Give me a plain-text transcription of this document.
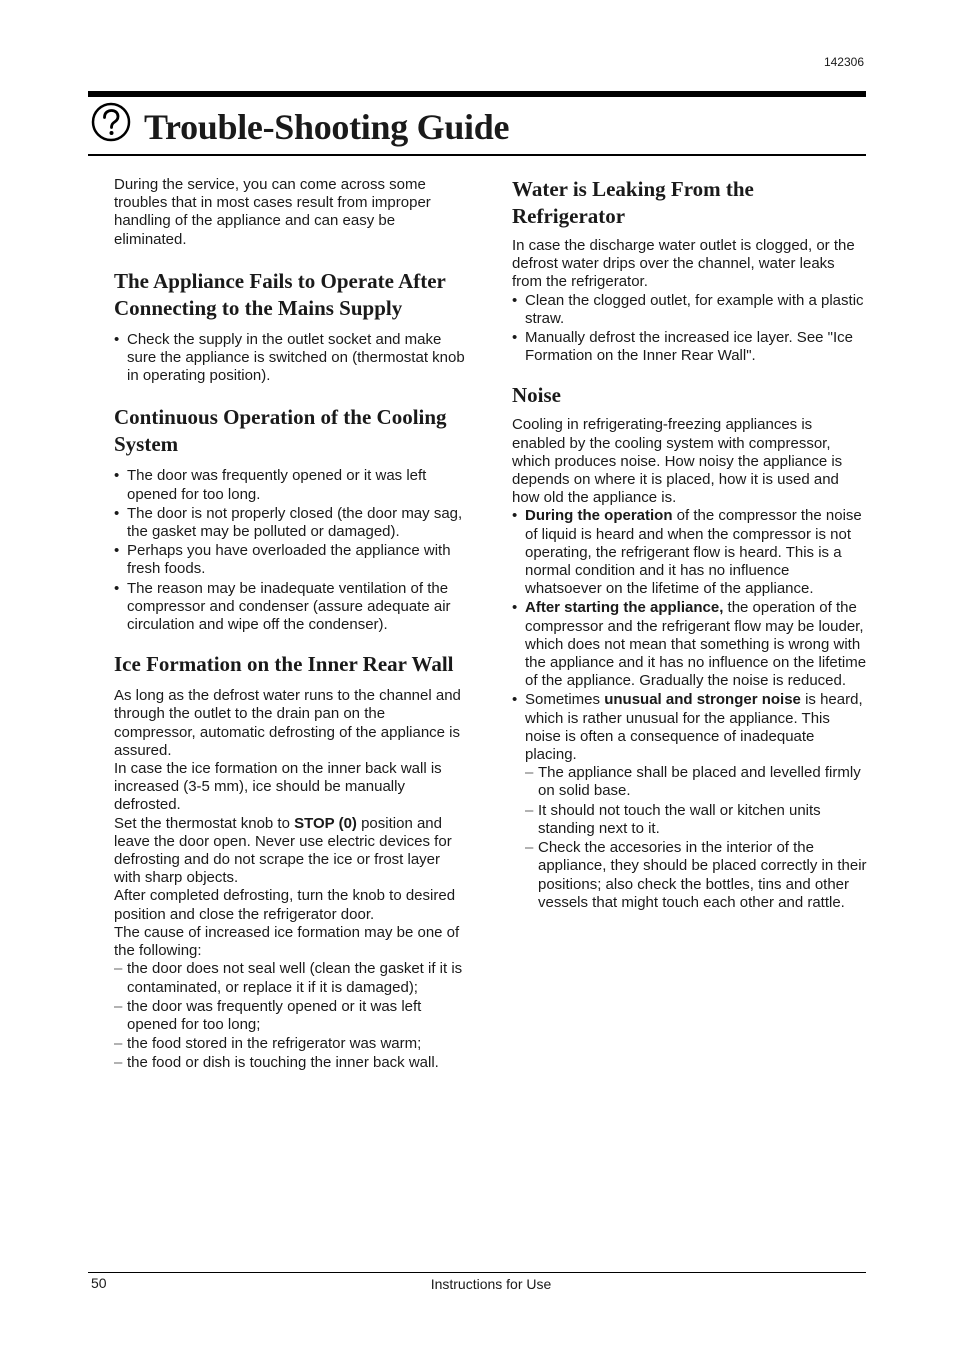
142306
Trouble-Shooting Guide

During the service, you can come across some troubles that in most cases result from improper handling of the appliance and can easy be eliminated.

The Appliance Fails to Operate After Connecting to the Mains Supply
• Check the supply in the outlet socket and make sure the appliance is switched on (thermostat knob in operating position).
Continuous Operation of the Cooling System
• The door was frequently opened or it was left opened for too long.
• The door is not properly closed (the door may sag, the gasket may be polluted or damaged).
• Perhaps you have overloaded the appliance with fresh foods.
• The reason may be inadequate ventilation of the compressor and condenser (assure adequate air circulation and wipe off the condenser).
Ice Formation on the Inner Rear Wall

As long as the defrost water runs to the channel and through the outlet to the drain pan on the compressor, automatic defrosting of the appliance is assured.

In case the ice formation on the inner back wall is increased (3-5 mm), ice should be manually defrosted.

Set the thermostat knob to STOP (0) position and leave the door open. Never use electric devices for defrosting and do not scrape the ice or frost layer with sharp objects.

After completed defrosting, turn the knob to desired position and close the refrigerator door.

The cause of increased ice formation may be one of the following:

– the door does not seal well (clean the gasket if it is contaminated, or replace it if it is damaged);
– the door was frequently opened or it was left opened for too long;
– the food stored in the refrigerator was warm;
– the food or dish is touching the inner back wall.
Water is Leaking From the Refrigerator

In case the discharge water outlet is clogged, or the defrost water drips over the channel, water leaks from the refrigerator.

• Clean the clogged outlet, for example with a plastic straw.
• Manually defrost the increased ice layer. See "Ice Formation on the Inner Rear Wall".
Noise

Cooling in refrigerating-freezing appliances is enabled by the cooling system with compressor, which produces noise. How noisy the appliance is depends on where it is placed, how it is used and how old the appliance is.

• During the operation of the compressor the noise of liquid is heard and when the compressor is not operating, the refrigerant flow is heard. This is a normal condition and it has no influence whatsoever on the lifetime of the appliance.
• After starting the appliance, the operation of the compressor and the refrigerant flow may be louder, which does not mean that something is wrong with the appliance and it has no influence on the lifetime of the appliance. Gradually the noise is reduced.
• Sometimes unusual and stronger noise is heard, which is rather unusual for the appliance. This noise is often a consequence of inadequate placing.
– The appliance shall be placed and levelled firmly on solid base.
– It should not touch the wall or kitchen units standing next to it.
– Check the accesories in the interior of the appliance, they should be placed correctly in their positions; also check the bottles, tins and other vessels that might touch each other and rattle.
50	Instructions for Use
